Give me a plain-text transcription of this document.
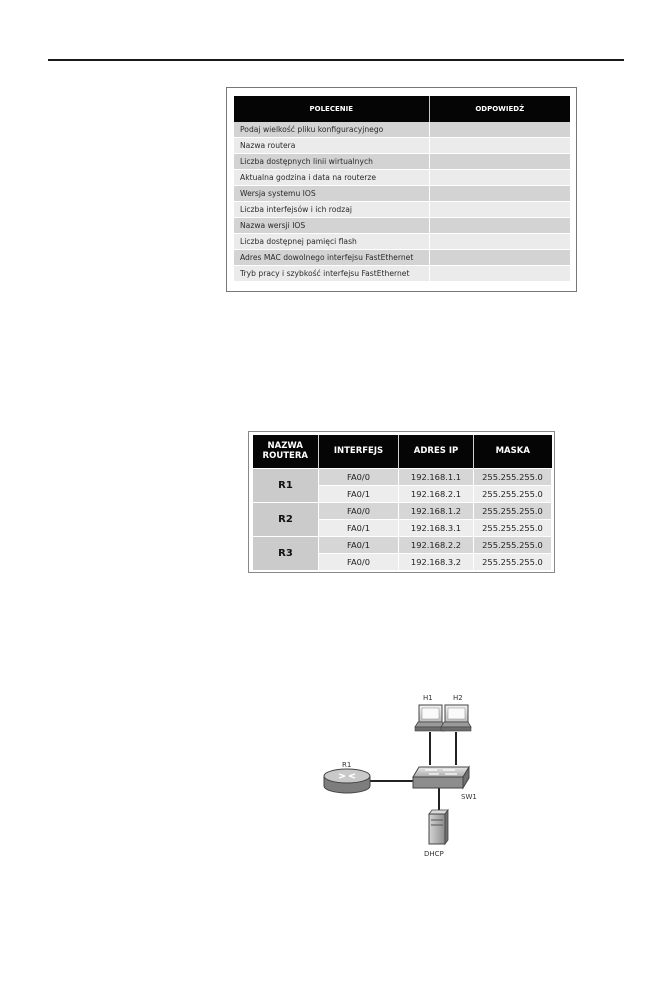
POLECENIE	ODPOWIEDŹ
Podaj wielkość pliku konfiguracyjnego	
Nazwa routera	
Liczba dostępnych linii wirtualnych	
Aktualna godzina i data na routerze	
Wersja systemu IOS	
Liczba interfejsów i ich rodzaj	
Nazwa wersji IOS	
Liczba dostępnej pamięci flash	
Adres MAC dowolnego interfejsu FastEthernet	
Tryb pracy i szybkość interfejsu FastEthernet	
NAZWA
ROUTERA	INTERFEJS	ADRES IP	MASKA
R1	FA0/0	192.168.1.1	255.255.255.0
	FA0/1	192.168.2.1	255.255.255.0
R2	FA0/0	192.168.1.2	255.255.255.0
	FA0/1	192.168.3.1	255.255.255.0
R3	FA0/1	192.168.2.2	255.255.255.0
	FA0/0	192.168.3.2	255.255.255.0
H1	H2
R1
SW1
DHCP
